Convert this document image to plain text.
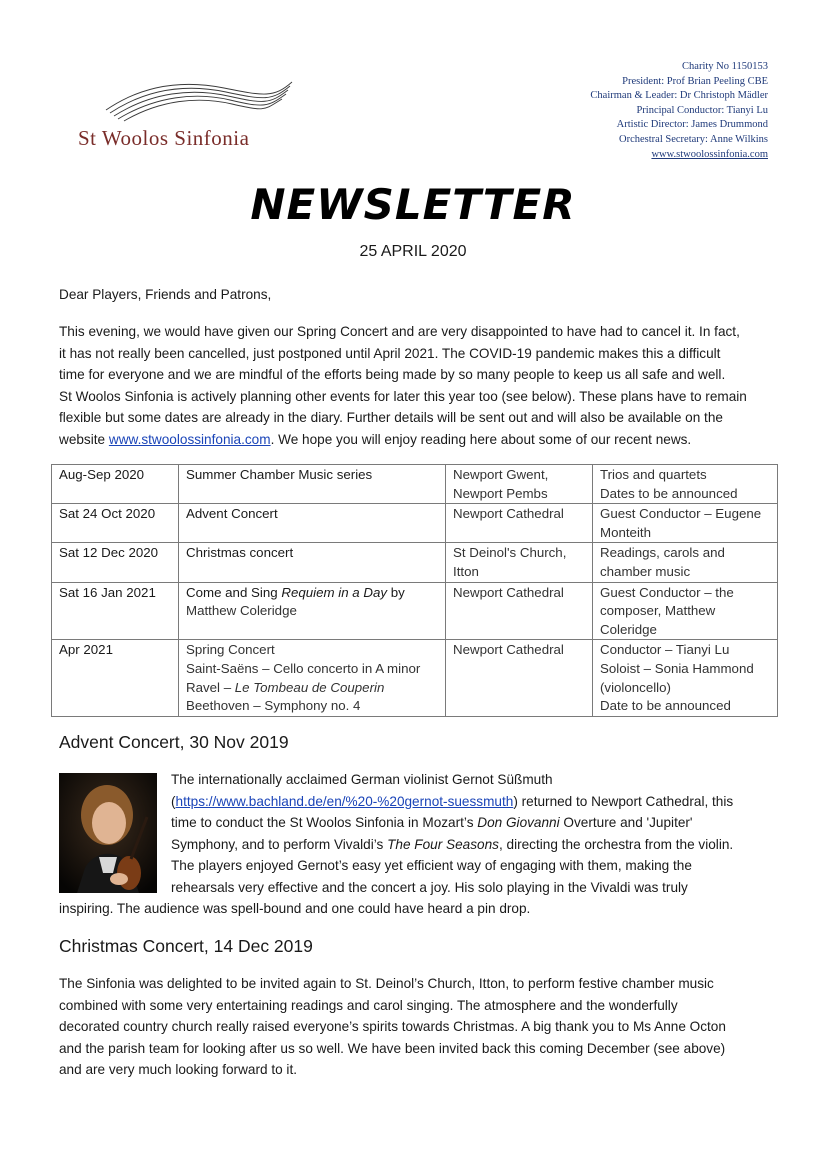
St Woolos Sinfonia
Charity No 1150153
President: Prof Brian Peeling CBE
Chairman & Leader: Dr Christoph Mädler
Principal Conductor: Tianyi Lu
Artistic Director: James Drummond
Orchestral Secretary: Anne Wilkins
www.stwoolossinfonia.com
NEWSLETTER
25 APRIL 2020
Dear Players, Friends and Patrons,
This evening, we would have given our Spring Concert and are very disappointed to have had to cancel it. In fact,
it has not really been cancelled, just postponed until April 2021. The COVID-19 pandemic makes this a difficult
time for everyone and we are mindful of the efforts being made by so many people to keep us all safe and well.
St Woolos Sinfonia is actively planning other events for later this year too (see below). These plans have to remain
flexible but some dates are already in the diary. Further details will be sent out and will also be available on the
website www.stwoolossinfonia.com. We hope you will enjoy reading here about some of our recent news.
Aug-Sep 2020	Summer Chamber Music series	Newport Gwent,
Newport Pembs	Trios and quartets
Dates to be announced

Sat 24 Oct 2020	Advent Concert	Newport Cathedral	Guest Conductor – Eugene
Monteith

Sat 12 Dec 2020	Christmas concert	St Deinol's Church,
Itton	Readings, carols and
chamber music

Sat 16 Jan 2021	Come and Sing Requiem in a Day by
Matthew Coleridge	Newport Cathedral	Guest Conductor – the
composer, Matthew
Coleridge

Apr 2021	Spring Concert
Saint-Saëns – Cello concerto in A minor
Ravel – Le Tombeau de Couperin
Beethoven – Symphony no. 4	Newport Cathedral	Conductor – Tianyi Lu
Soloist – Sonia Hammond
(violoncello)
Date to be announced
Advent Concert, 30 Nov 2019
The internationally acclaimed German violinist Gernot Süßmuth
(https://www.bachland.de/en/%20-%20gernot-suessmuth) returned to Newport Cathedral, this
time to conduct the St Woolos Sinfonia in Mozart’s Don Giovanni Overture and 'Jupiter'
Symphony, and to perform Vivaldi’s The Four Seasons, directing the orchestra from the violin.
The players enjoyed Gernot’s easy yet efficient way of engaging with them, making the
rehearsals very effective and the concert a joy. His solo playing in the Vivaldi was truly
inspiring. The audience was spell-bound and one could have heard a pin drop.
Christmas Concert, 14 Dec 2019
The Sinfonia was delighted to be invited again to St. Deinol’s Church, Itton, to perform festive chamber music
combined with some very entertaining readings and carol singing. The atmosphere and the wonderfully
decorated country church really raised everyone’s spirits towards Christmas. A big thank you to Ms Anne Octon
and the parish team for looking after us so well. We have been invited back this coming December (see above)
and are very much looking forward to it.
